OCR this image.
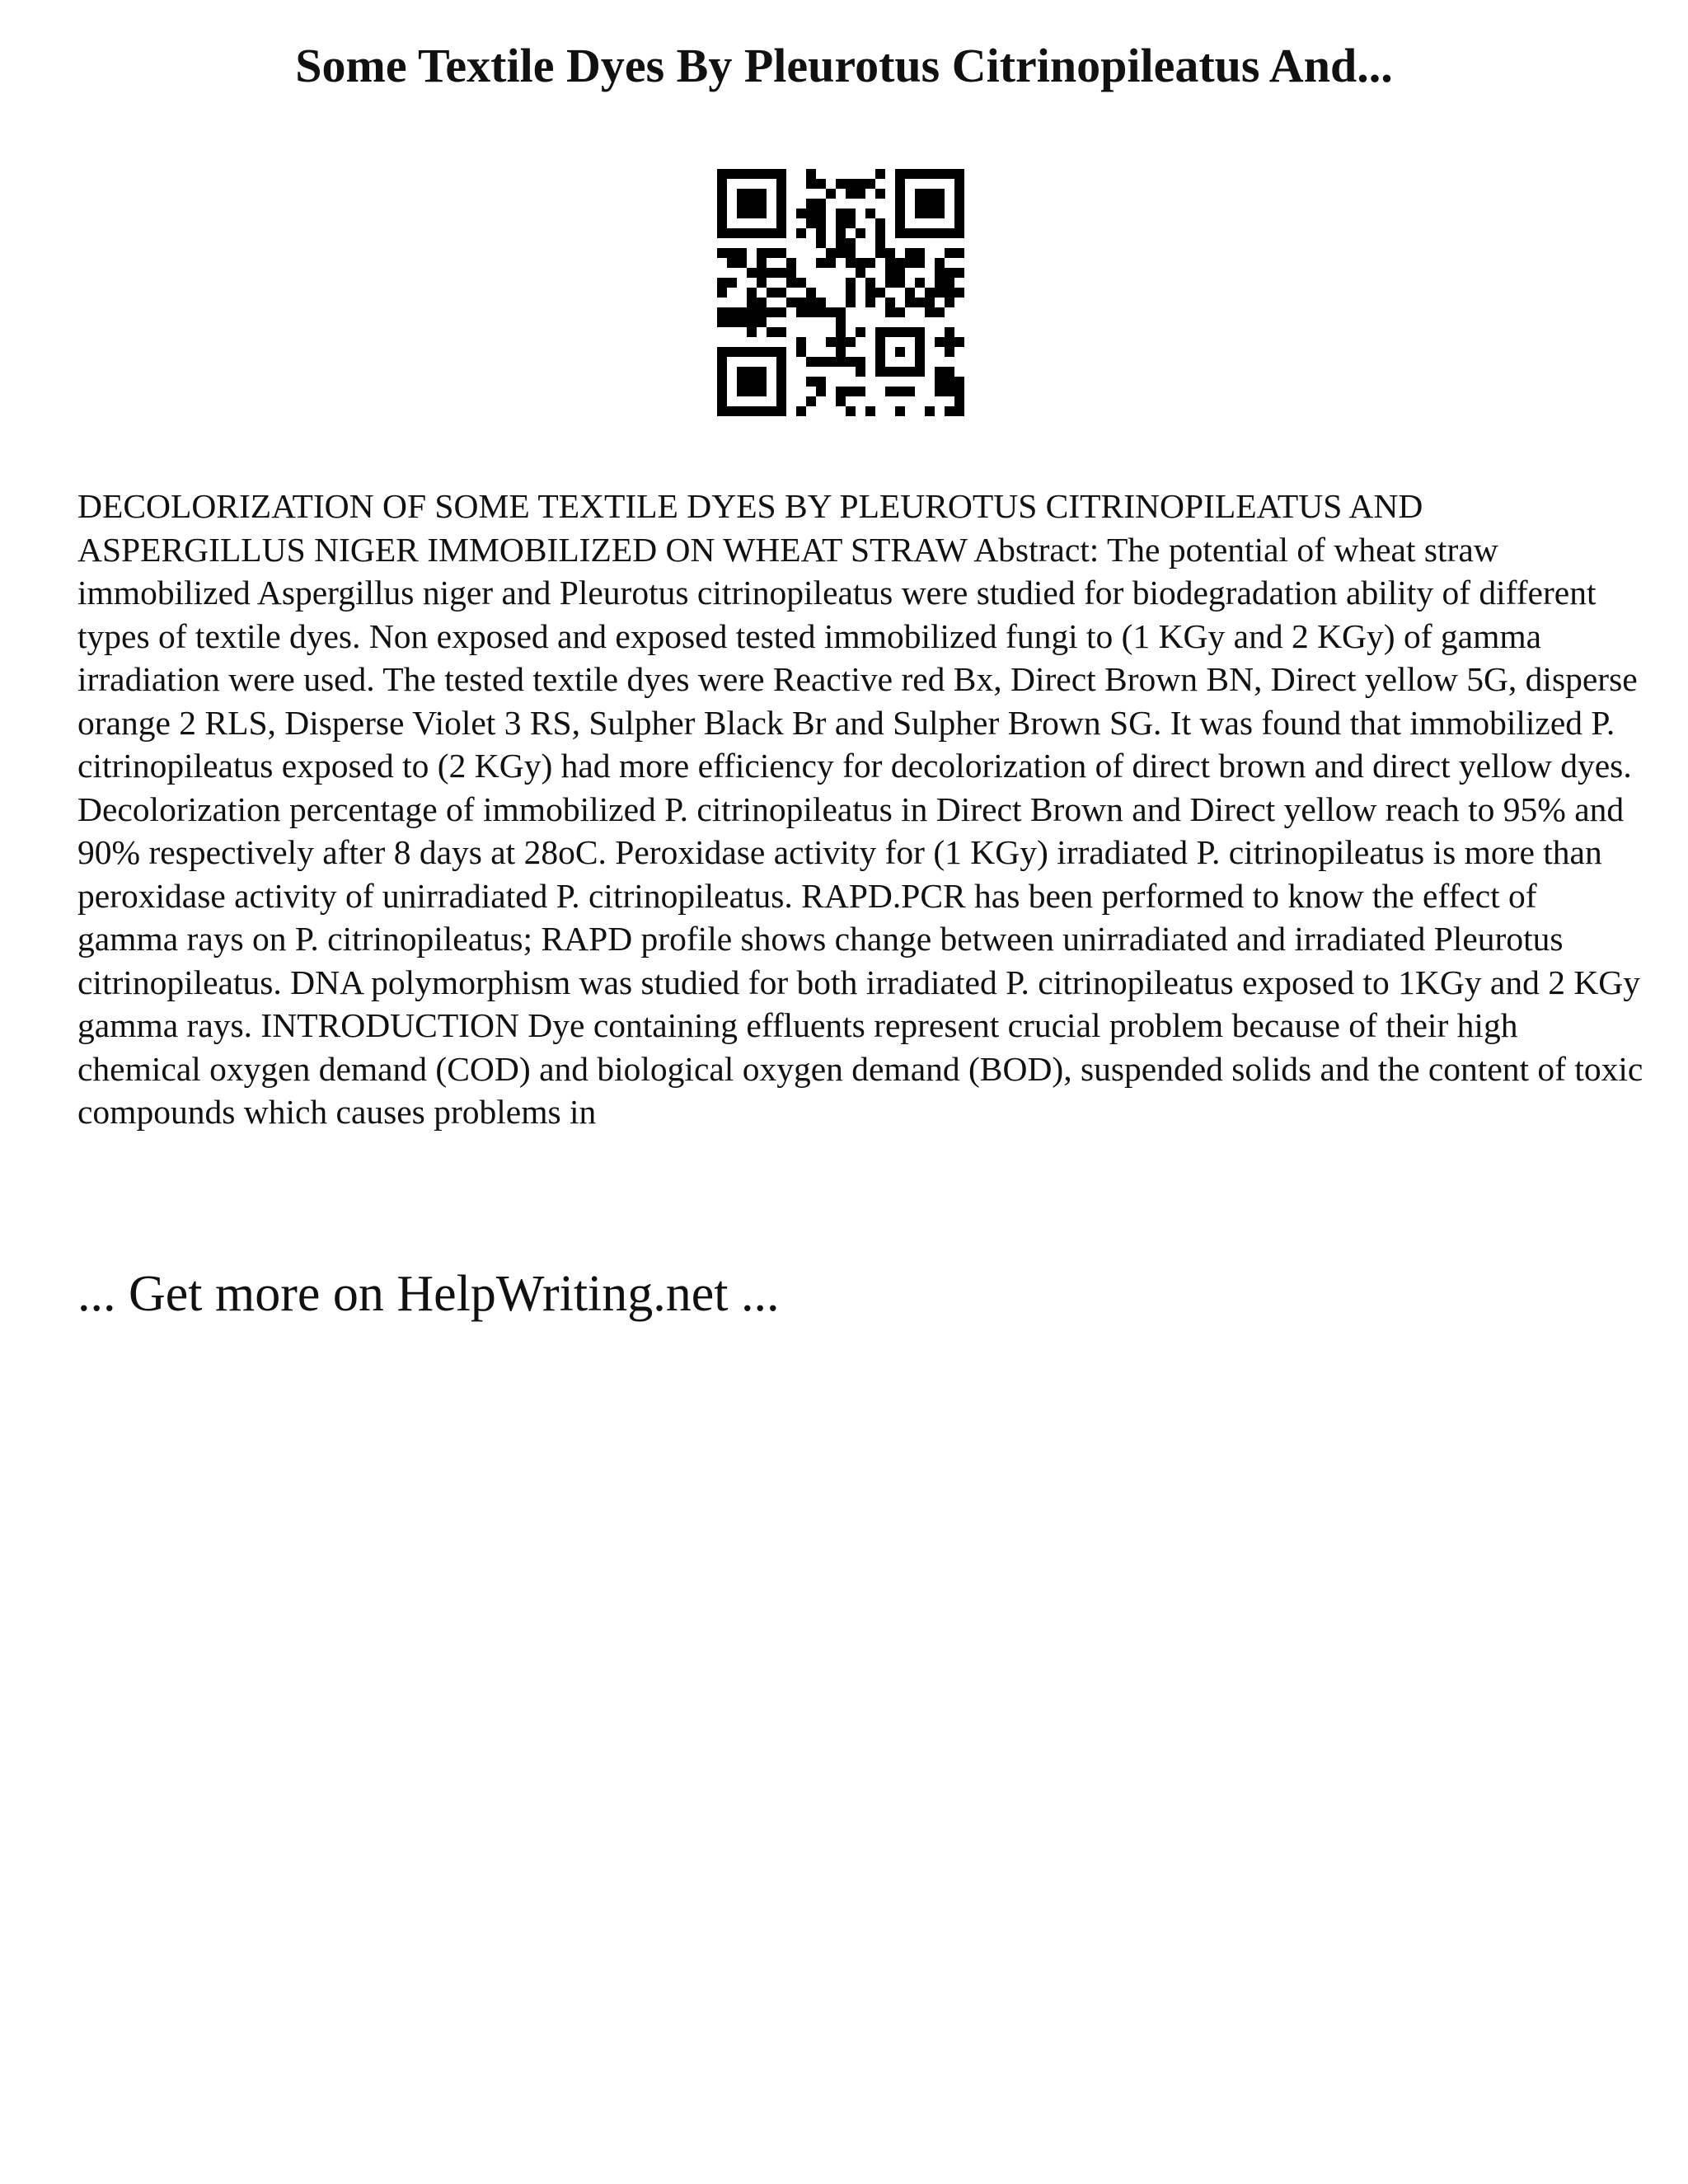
Some Textile Dyes By Pleurotus Citrinopileatus And...

DECOLORIZATION OF SOME TEXTILE DYES BY PLEUROTUS CITRINOPILEATUS AND ASPERGILLUS NIGER IMMOBILIZED ON WHEAT STRAW Abstract: The potential of wheat straw immobilized Aspergillus niger and Pleurotus citrinopileatus were studied for biodegradation ability of different types of textile dyes. Non exposed and exposed tested immobilized fungi to (1 KGy and 2 KGy) of gamma irradiation were used. The tested textile dyes were Reactive red Bx, Direct Brown BN, Direct yellow 5G, disperse orange 2 RLS, Disperse Violet 3 RS, Sulpher Black Br and Sulpher Brown SG. It was found that immobilized P. citrinopileatus exposed to (2 KGy) had more efficiency for decolorization of direct brown and direct yellow dyes. Decolorization percentage of immobilized P. citrinopileatus in Direct Brown and Direct yellow reach to 95% and 90% respectively after 8 days at 28oC. Peroxidase activity for (1 KGy) irradiated P. citrinopileatus is more than peroxidase activity of unirradiated P. citrinopileatus. RAPD.PCR has been performed to know the effect of gamma rays on P. citrinopileatus; RAPD profile shows change between unirradiated and irradiated Pleurotus citrinopileatus. DNA polymorphism was studied for both irradiated P. citrinopileatus exposed to 1KGy and 2 KGy gamma rays. INTRODUCTION Dye containing effluents represent crucial problem because of their high chemical oxygen demand (COD) and biological oxygen demand (BOD), suspended solids and the content of toxic compounds which causes problems in

... Get more on HelpWriting.net ...
